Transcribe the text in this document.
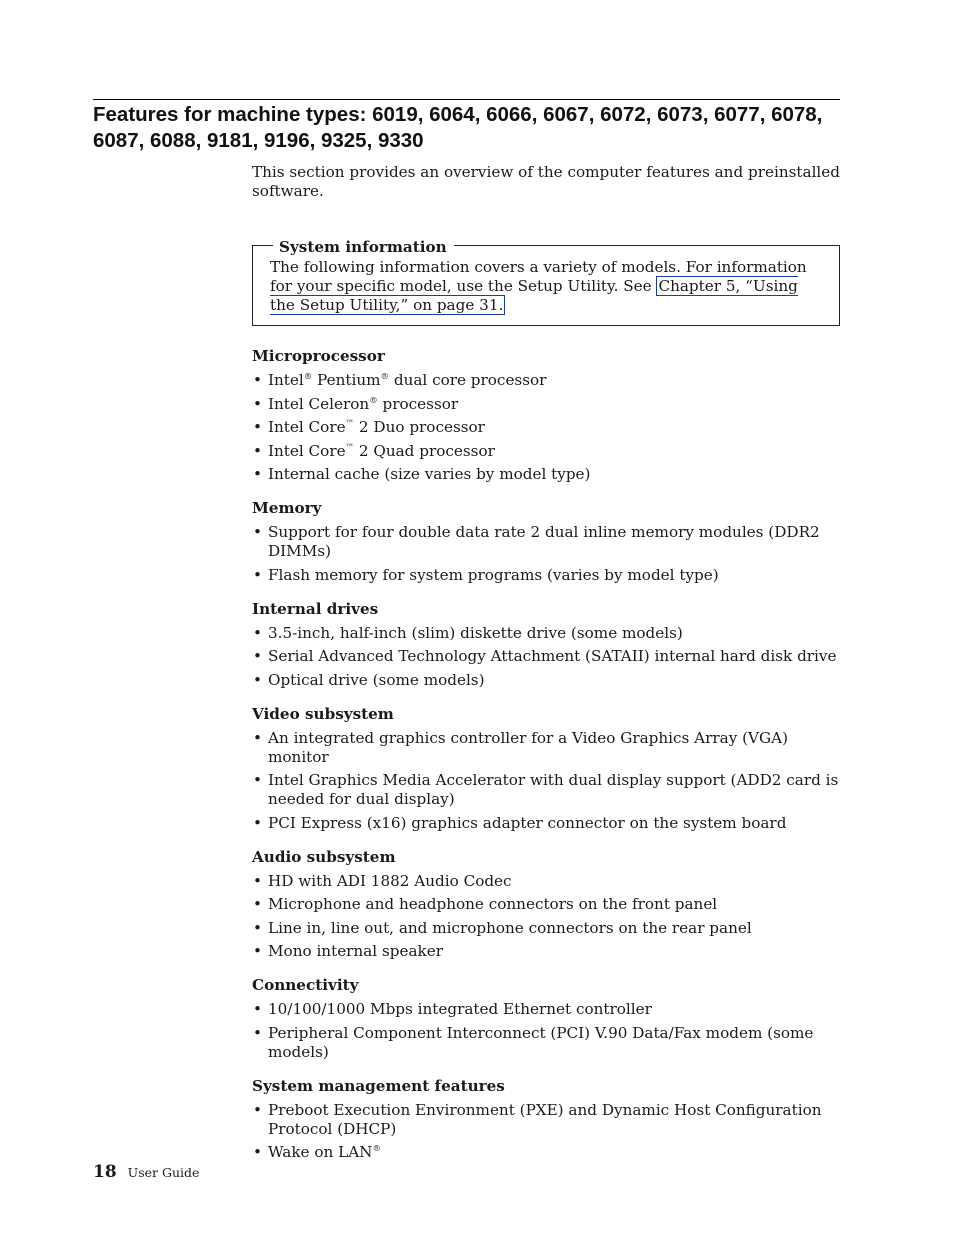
Features for machine types: 6019, 6064, 6066, 6067, 6072, 6073, 6077, 6078, 6087, 6088, 9181, 9196, 9325, 9330

This section provides an overview of the computer features and preinstalled software.

System information

The following information covers a variety of models. For information for your specific model, use the Setup Utility. See Chapter 5, “Using the Setup Utility,” on page 31.

Microprocessor
• Intel® Pentium® dual core processor
• Intel Celeron® processor
• Intel Core™ 2 Duo processor
• Intel Core™ 2 Quad processor
• Internal cache (size varies by model type)
Memory
• Support for four double data rate 2 dual inline memory modules (DDR2 DIMMs)
• Flash memory for system programs (varies by model type)
Internal drives
• 3.5-inch, half-inch (slim) diskette drive (some models)
• Serial Advanced Technology Attachment (SATAII) internal hard disk drive
• Optical drive (some models)
Video subsystem
• An integrated graphics controller for a Video Graphics Array (VGA) monitor
• Intel Graphics Media Accelerator with dual display support (ADD2 card is needed for dual display)
• PCI Express (x16) graphics adapter connector on the system board
Audio subsystem
• HD with ADI 1882 Audio Codec
• Microphone and headphone connectors on the front panel
• Line in, line out, and microphone connectors on the rear panel
• Mono internal speaker
Connectivity
• 10/100/1000 Mbps integrated Ethernet controller
• Peripheral Component Interconnect (PCI) V.90 Data/Fax modem (some models)
System management features
• Preboot Execution Environment (PXE) and Dynamic Host Configuration Protocol (DHCP)
• Wake on LAN®
18 User Guide
